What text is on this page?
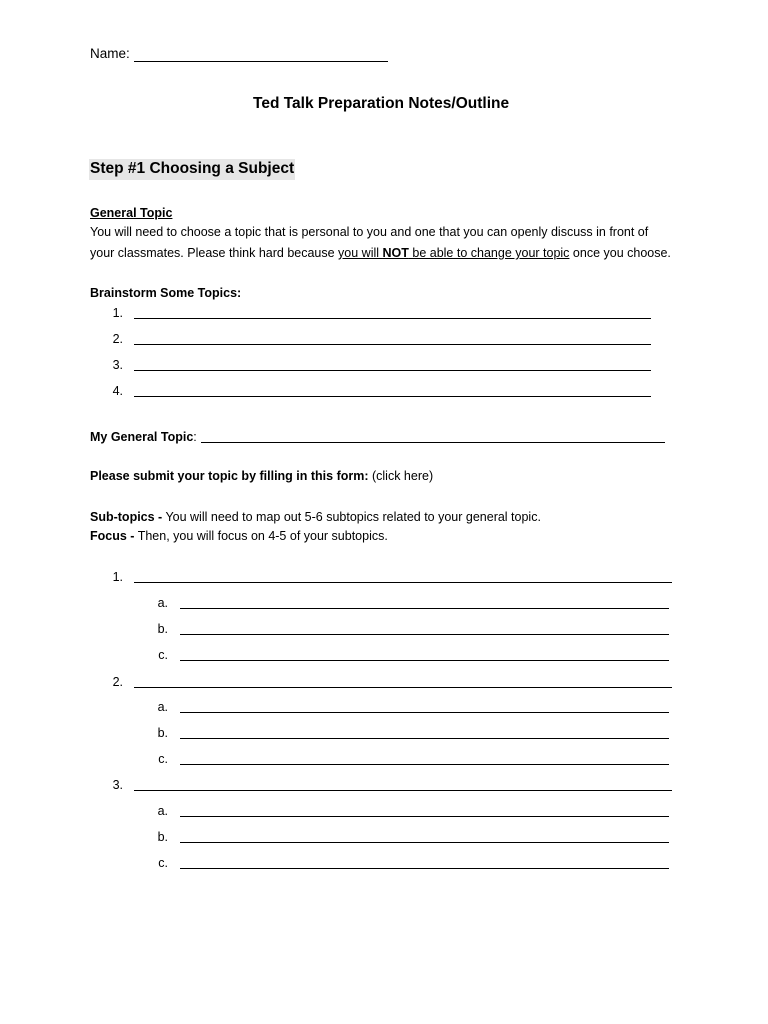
Name:
Ted Talk Preparation Notes/Outline
Step #1 Choosing a Subject
General Topic
You will need to choose a topic that is personal to you and one that you can openly discuss in front of
your classmates. Please think hard because you will NOT be able to change your topic once you choose.
Brainstorm Some Topics:
1.
2.
3.
4.
My General Topic:
Please submit your topic by filling in this form: (click here)
Sub-topics - You will need to map out 5-6 subtopics related to your general topic.
Focus - Then, you will focus on 4-5 of your subtopics.
1.
a.
b.
c.
2.
a.
b.
c.
3.
a.
b.
c.
